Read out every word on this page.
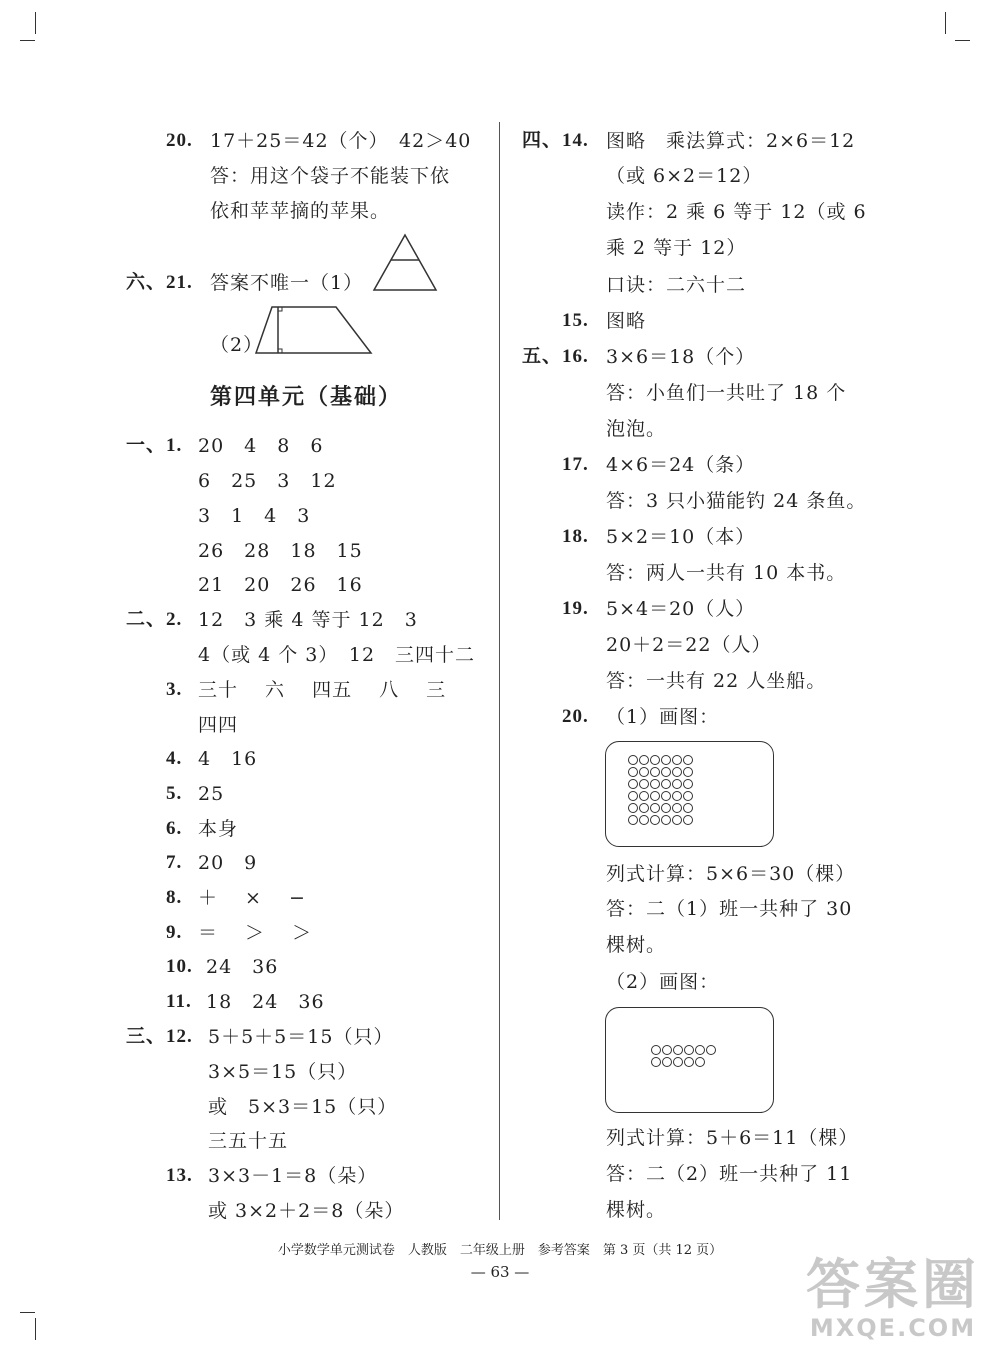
20. 17＋25＝42（个）　42＞40
答：用这个袋子不能装下依
依和苹苹摘的苹果。
六、21. 答案不唯一（1）
（2）
第四单元（基础）
一、1. 20　4　8　6
6　25　3　12
3　1　4　3
26　28　18　15
21　20　26　16
二、2. 12　3 乘 4 等于 12　3
4（或 4 个 3）　12　三四十二
3. 三十　 六　 四五　 八　 三
四四
4. 4　16
5. 25
6. 本身
7. 20　9
8. ＋　 ×　 −
9. ＝　 ＞　 ＞
10. 24　36
11. 18　24　36
三、12. 5＋5＋5＝15（只）
3×5＝15（只）
或　5×3＝15（只）
三五十五
13. 3×3－1＝8（朵）
或 3×2＋2＝8（朵）
四、14. 图略　乘法算式：2×6＝12
（或 6×2＝12）
读作：2 乘 6 等于 12（或 6
乘 2 等于 12）
口诀：二六十二
15. 图略
五、16. 3×6＝18（个）
答：小鱼们一共吐了 18 个
泡泡。
17. 4×6＝24（条）
答：3 只小猫能钓 24 条鱼。
18. 5×2＝10（本）
答：两人一共有 10 本书。
19. 5×4＝20（人）
20＋2＝22（人）
答：一共有 22 人坐船。
20. （1）画图：
列式计算：5×6＝30（棵）
答：二（1）班一共种了 30
棵树。
（2）画图：
列式计算：5＋6＝11（棵）
答：二（2）班一共种了 11
棵树。
小学数学单元测试卷　人教版　二年级上册　参考答案　第 3 页（共 12 页）
— 63 —	答案圈
MXQE.COM
